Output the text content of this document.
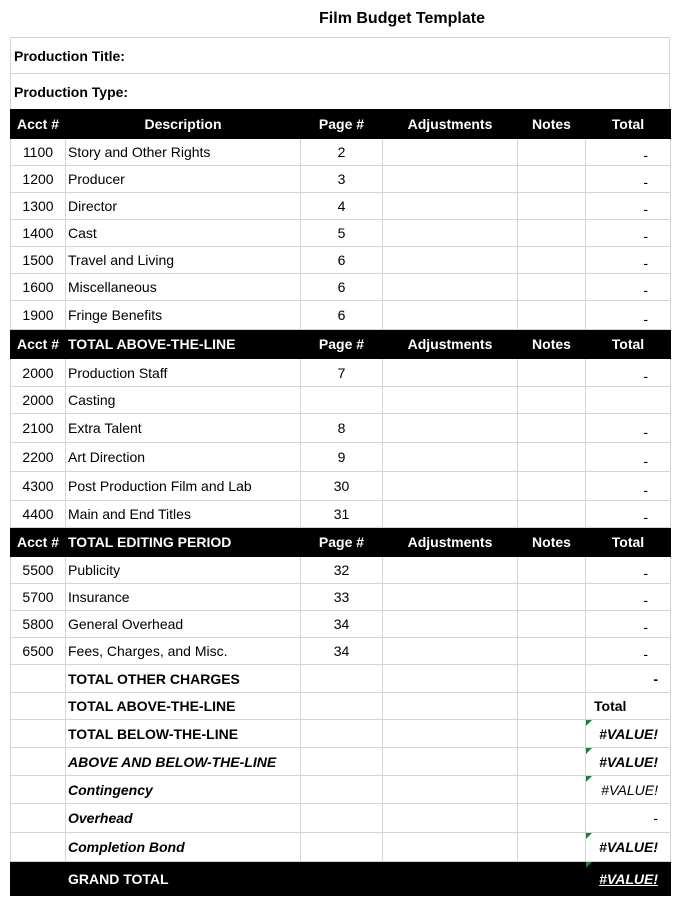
Film Budget Template
Production Title:
Production Type:
Acct #	Description	Page #	Adjustments	Notes	Total
1100	Story and Other Rights	2			-

1200	Producer	3			-

1300	Director	4			-

1400	Cast	5			-

1500	Travel and Living	6			-

1600	Miscellaneous	6			-

1900	Fringe Benefits	6			-

Acct #	TOTAL ABOVE-THE-LINE	Page #	Adjustments	Notes	Total
2000	Production Staff	7			-

2000	Casting				

2100	Extra Talent	8			-

2200	Art Direction	9			-

4300	Post Production Film and Lab	30			-

4400	Main and End Titles	31			-

Acct #	TOTAL EDITING PERIOD	Page #	Adjustments	Notes	Total
5500	Publicity	32			-

5700	Insurance	33			-

5800	General Overhead	34			-

6500	Fees, Charges, and Misc.	34			-

	TOTAL OTHER CHARGES				-
	TOTAL ABOVE-THE-LINE				Total
	TOTAL BELOW-THE-LINE				#VALUE!
	ABOVE AND BELOW-THE-LINE				#VALUE!
	Contingency				#VALUE!
	Overhead				-
	Completion Bond				#VALUE!
	GRAND TOTAL				#VALUE!
